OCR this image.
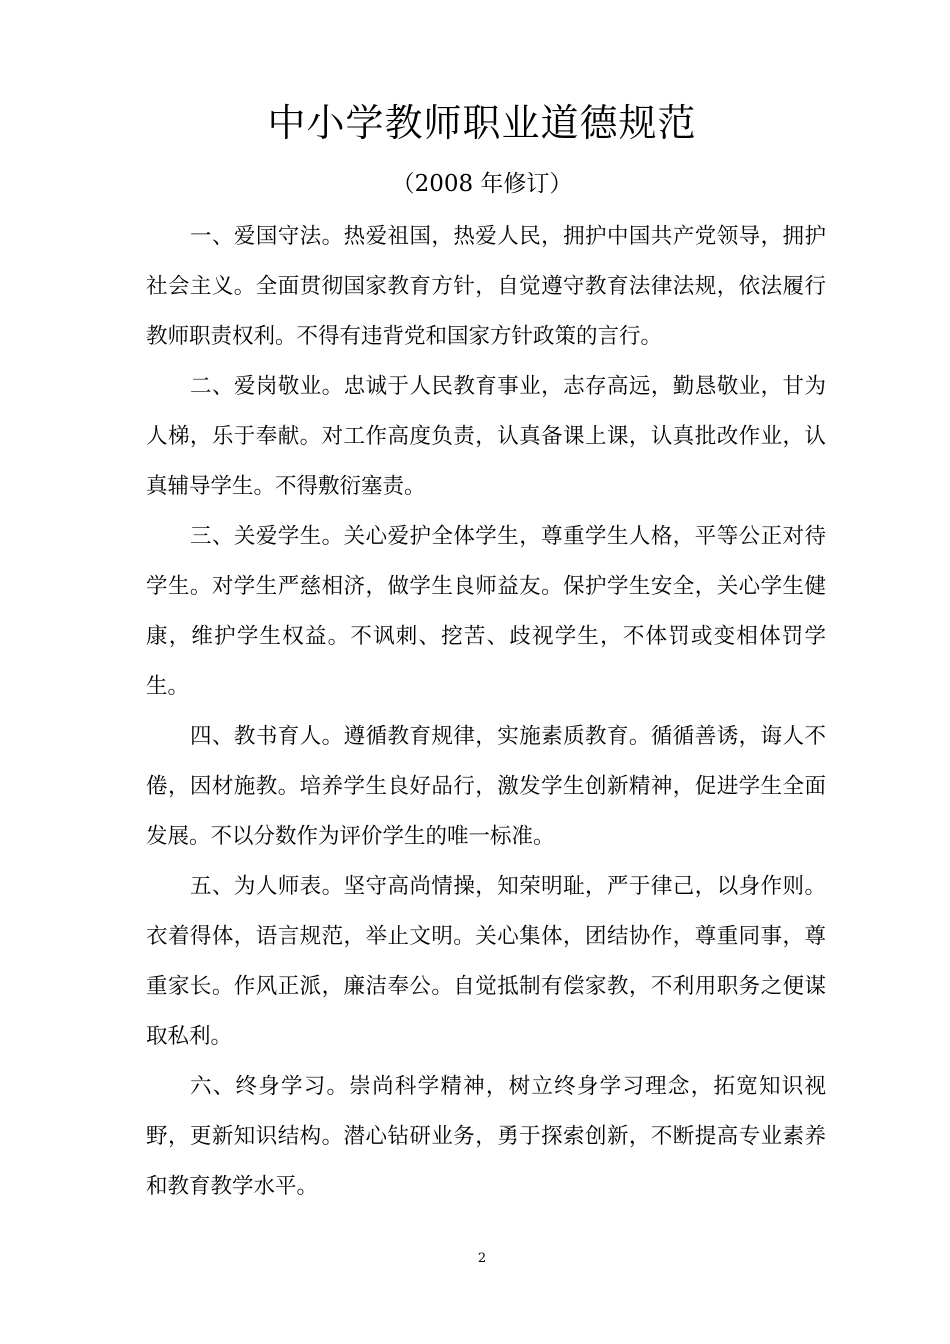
中小学教师职业道德规范
（2008 年修订）

一、爱国守法。热爱祖国，热爱人民，拥护中国共产党领导，拥护社会主义。全面贯彻国家教育方针，自觉遵守教育法律法规，依法履行教师职责权利。不得有违背党和国家方针政策的言行。

二、爱岗敬业。忠诚于人民教育事业，志存高远，勤恳敬业，甘为人梯，乐于奉献。对工作高度负责，认真备课上课，认真批改作业，认真辅导学生。不得敷衍塞责。

三、关爱学生。关心爱护全体学生，尊重学生人格，平等公正对待学生。对学生严慈相济，做学生良师益友。保护学生安全，关心学生健康，维护学生权益。不讽刺、挖苦、歧视学生，不体罚或变相体罚学生。

四、教书育人。遵循教育规律，实施素质教育。循循善诱，诲人不倦，因材施教。培养学生良好品行，激发学生创新精神，促进学生全面发展。不以分数作为评价学生的唯一标准。

五、为人师表。坚守高尚情操，知荣明耻，严于律己，以身作则。衣着得体，语言规范，举止文明。关心集体，团结协作，尊重同事，尊重家长。作风正派，廉洁奉公。自觉抵制有偿家教，不利用职务之便谋取私利。

六、终身学习。崇尚科学精神，树立终身学习理念，拓宽知识视野，更新知识结构。潜心钻研业务，勇于探索创新，不断提高专业素养和教育教学水平。

2
